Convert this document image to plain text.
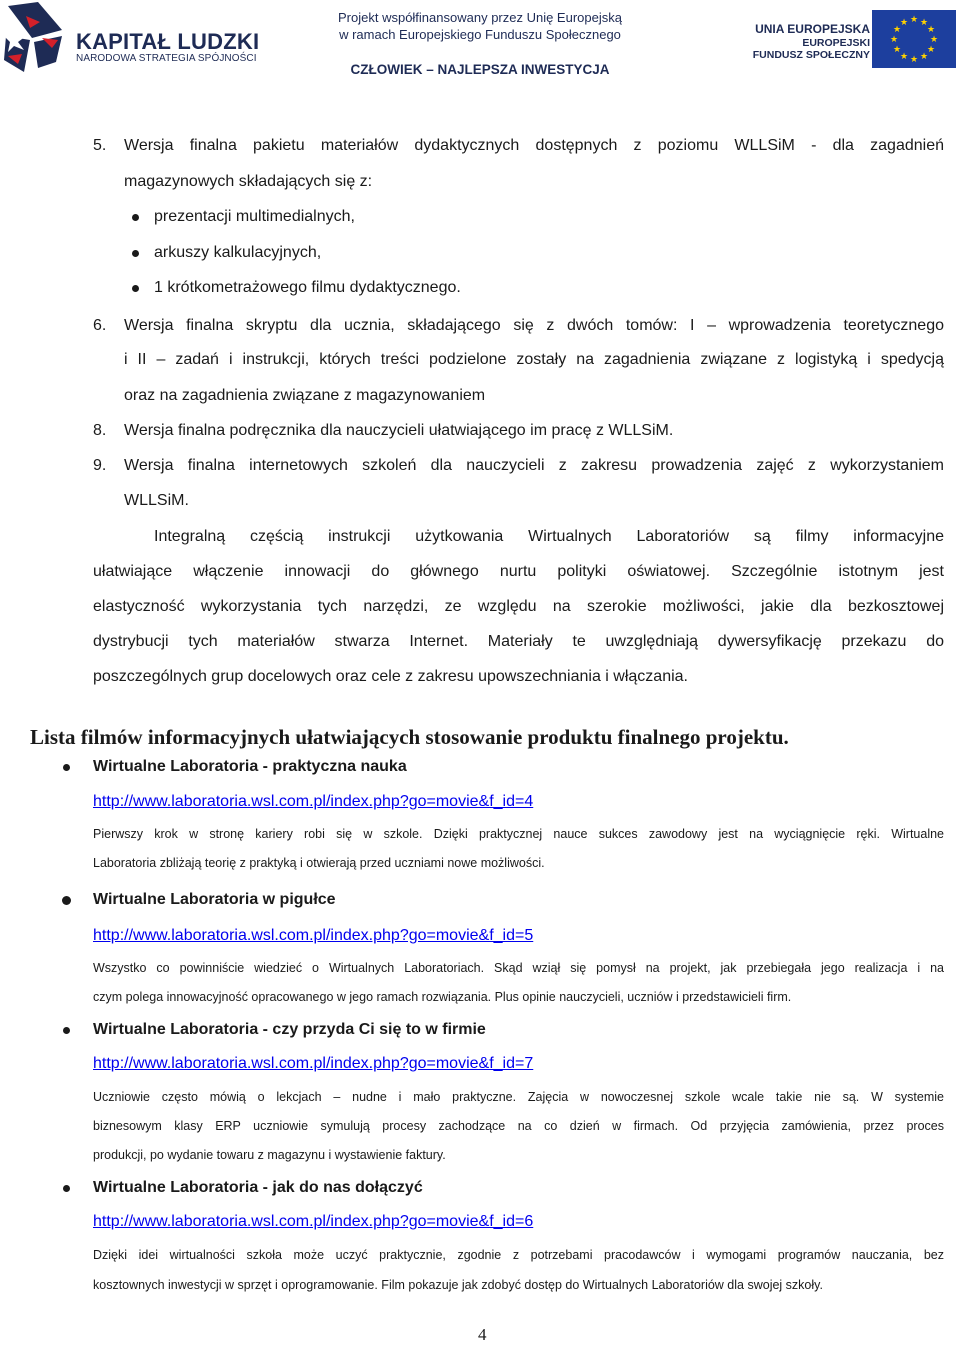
KAPITAŁ LUDZKI
NARODOWA STRATEGIA SPÓJNOŚCI
Projekt współfinansowany przez Unię Europejską
w ramach Europejskiego Funduszu Społecznego
CZŁOWIEK – NAJLEPSZA INWESTYCJA
UNIA EUROPEJSKA
EUROPEJSKI
FUNDUSZ SPOŁECZNY
★ ★
★
★
★
★
★
★
★
★
★
★
5. Wersja finalna pakietu materiałów dydaktycznych dostępnych z poziomu WLLSiM - dla zagadnień
magazynowych składających się z:
prezentacji multimedialnych,
arkuszy kalkulacyjnych,
1 krótkometrażowego filmu dydaktycznego.
6. Wersja finalna skryptu dla ucznia, składającego się z dwóch tomów: I – wprowadzenia teoretycznego
i II – zadań i instrukcji, których treści podzielone zostały na zagadnienia związane z logistyką i spedycją
oraz na zagadnienia związane z magazynowaniem
8. Wersja finalna podręcznika dla nauczycieli ułatwiającego im pracę z WLLSiM.
9. Wersja finalna internetowych szkoleń dla nauczycieli z zakresu prowadzenia zajęć z wykorzystaniem
WLLSiM.
Integralną częścią instrukcji użytkowania Wirtualnych Laboratoriów są filmy informacyjne
ułatwiające włączenie innowacji do głównego nurtu polityki oświatowej. Szczególnie istotnym jest
elastyczność wykorzystania tych narzędzi, ze względu na szerokie możliwości, jakie dla bezkosztowej
dystrybucji tych materiałów stwarza Internet. Materiały te uwzględniają dywersyfikację przekazu do
poszczególnych grup docelowych oraz cele z zakresu upowszechniania i włączania.
Lista filmów informacyjnych ułatwiających stosowanie produktu finalnego projektu.
Wirtualne Laboratoria - praktyczna nauka
http://www.laboratoria.wsl.com.pl/index.php?go=movie&f_id=4
Pierwszy krok w stronę kariery robi się w szkole. Dzięki praktycznej nauce sukces zawodowy jest na wyciągnięcie ręki. Wirtualne
Laboratoria zbliżają teorię z praktyką i otwierają przed uczniami nowe możliwości.
Wirtualne Laboratoria w pigułce
http://www.laboratoria.wsl.com.pl/index.php?go=movie&f_id=5
Wszystko co powinniście wiedzieć o Wirtualnych Laboratoriach. Skąd wziął się pomysł na projekt, jak przebiegała jego realizacja i na
czym polega innowacyjność opracowanego w jego ramach rozwiązania. Plus opinie nauczycieli, uczniów i przedstawicieli firm.
Wirtualne Laboratoria - czy przyda Ci się to w firmie
http://www.laboratoria.wsl.com.pl/index.php?go=movie&f_id=7
Uczniowie często mówią o lekcjach – nudne i mało praktyczne. Zajęcia w nowoczesnej szkole wcale takie nie są. W systemie
biznesowym klasy ERP uczniowie symulują procesy zachodzące na co dzień w firmach. Od przyjęcia zamówienia, przez proces
produkcji, po wydanie towaru z magazynu i wystawienie faktury.
Wirtualne Laboratoria - jak do nas dołączyć
http://www.laboratoria.wsl.com.pl/index.php?go=movie&f_id=6
Dzięki idei wirtualności szkoła może uczyć praktycznie, zgodnie z potrzebami pracodawców i wymogami programów nauczania, bez
kosztownych inwestycji w sprzęt i oprogramowanie. Film pokazuje jak zdobyć dostęp do Wirtualnych Laboratoriów dla swojej szkoły.
4
